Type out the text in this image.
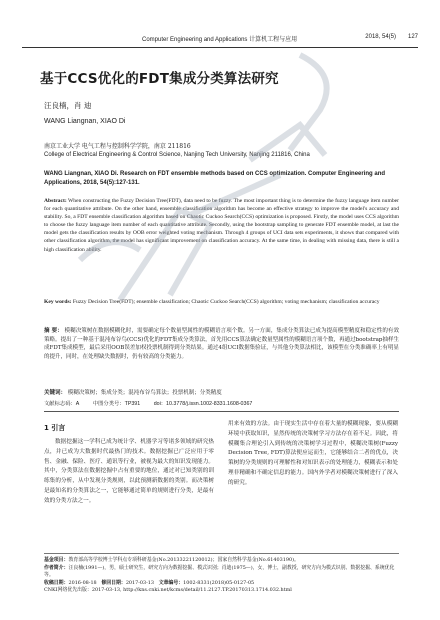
Computer Engineering and Applications 计算机工程与应用	2018, 54(5) 127
基于CCS优化的FDT集成分类算法研究
汪良楠，肖 迪
WANG Liangnan, XIAO Di
南京工业大学 电气工程与控制科学学院，南京 211816
College of Electrical Engineering & Control Science, Nanjing Tech University, Nanjing 211816, China
WANG Liangnan, XIAO Di. Research on FDT ensemble methods based on CCS optimization. Computer Engineering and Applications, 2018, 54(5):127-131.
Abstract: When constructing the Fuzzy Decision Tree(FDT), data need to be fuzzy. The most important thing is to determine the fuzzy language item number for each quantitative attribute. On the other hand, ensemble classification algorithm has become an effective strategy to improve the model's accuracy and stability. So, a FDT ensemble classification algorithm based on Chaotic Cuckoo Search(CCS) optimization is proposed. Firstly, the model uses CCS algorithm to choose the fuzzy language item number of each quantitative attribute. Secondly, using the bootstrap sampling to generate FDT ensemble model, at last the model gets the classification results by OOB error weighted voting mechanism. Through 4 groups of UCI data sets experiments, it shows that compared with other classification algorithm, the model has significant improvement on classification accuracy. At the same time, in dealing with missing data, there is still a high classification ability.
Key words: Fuzzy Decision Tree(FDT); ensemble classification; Chaotic Cuckoo Search(CCS) algorithm; voting mechanism; classification accuracy
摘 要： 模糊决策树在数据模糊化时，需要确定每个数量型属性的模糊语言项个数。另一方面，集成分类算法已成为提高模型精度和稳定性的有效策略。提出了一种基于混沌布谷鸟(CCS)优化的FDT集成分类算法，首先用CCS算法确定数量型属性的模糊语言项个数，再通过bootstrap抽样生成FDT集成模型，最后采用OOB误差加权投票机制得到分类结果。通过4组UCI数据集验证，与其他分类算法相比，该模型在分类准确率上有明显的提升，同时，在处理缺失数据时，仍有较高的分类能力。
关键词： 模糊决策树；集成分类；混沌布谷鸟算法；投票机制；分类精度
文献标志码：A	中图分类号：TP391	doi：10.3778/j.issn.1002-8331.1608-0367
1 引言

数据挖掘这一学科已成为统计学、机器学习等诸多领域的研究热点，并已成为大数据时代最热门的技术。数据挖掘已广泛应用于零售、金融、保险、医疗、通讯等行业，被视为最大的知识发现能力。其中，分类算法在数据挖掘中占有重要的地位，通过对已知类别的训练集的分析，从中发现分类规则，以此预测新数据的类别。而决策树是最知名的分类算法之一，它能够通过简单的规则进行分类，是最有效的分类方法之一。

用来有效的方法。由于现实生活中存在着大量的模糊现象，要从模糊环境中获取知识，显然传统的决策树学习方法存在着不足。因此，将模糊集合理论引入到传统的决策树学习过程中，模糊决策树(Fuzzy Decision Tree, FDT)算法便应运而生，它能够结合二者的优点，决策树的分类规则的可理解性和对知识表示的处理能力，模糊表示和处理非精确和不确定信息的能力。国内外学者对模糊决策树进行了深入的研究。

基金项目：教育部高等学校博士学科点专项科研基金(No.20133221120012)；国家自然科学基金(No.61403190)。
作者简介：汪良楠(1991—)，男，硕士研究生，研究方向为数据挖掘、模式识别；肖迪(1975—)，女，博士，副教授，研究方向为模式识别、数据挖掘、系统优化等。
收稿日期：2016-08-18 修回日期：2017-03-13 文章编号：1002-8331(2018)05-0127-05
CNKI网络优先出版：2017-03-13, http://kns.cnki.net/kcms/detail/11.2127.TP.20170313.1714.032.html
